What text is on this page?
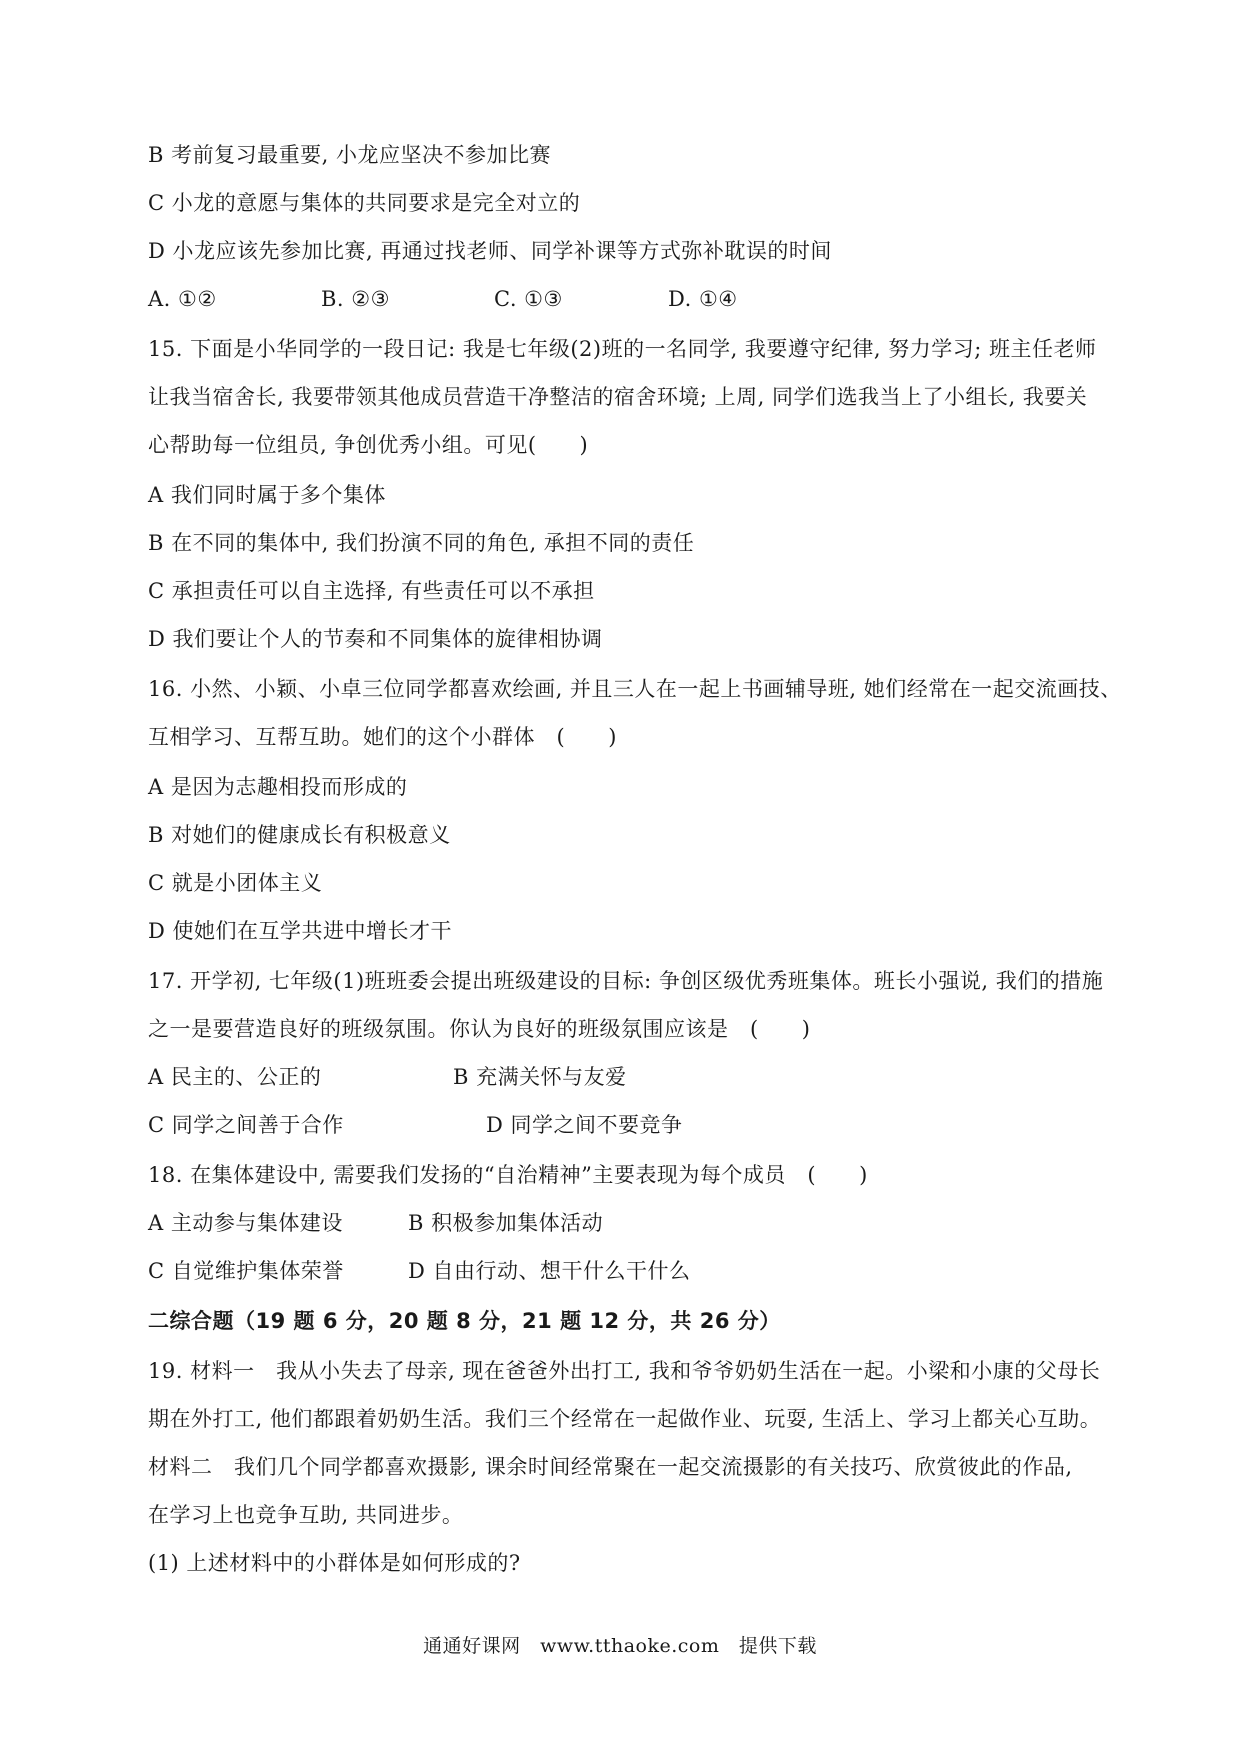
B 考前复习最重要, 小龙应坚决不参加比赛
C 小龙的意愿与集体的共同要求是完全对立的
D 小龙应该先参加比赛, 再通过找老师、同学补课等方式弥补耽误的时间
A. ①②	B. ②③	C. ①③	D. ①④
15. 下面是小华同学的一段日记: 我是七年级(2)班的一名同学, 我要遵守纪律, 努力学习; 班主任老师
让我当宿舍长, 我要带领其他成员营造干净整洁的宿舍环境; 上周, 同学们选我当上了小组长, 我要关
心帮助每一位组员, 争创优秀小组。可见(　　)
A 我们同时属于多个集体
B 在不同的集体中, 我们扮演不同的角色, 承担不同的责任
C 承担责任可以自主选择, 有些责任可以不承担
D 我们要让个人的节奏和不同集体的旋律相协调
16. 小然、小颖、小卓三位同学都喜欢绘画, 并且三人在一起上书画辅导班, 她们经常在一起交流画技、
互相学习、互帮互助。她们的这个小群体　(　　)
A 是因为志趣相投而形成的
B 对她们的健康成长有积极意义
C 就是小团体主义
D 使她们在互学共进中增长才干
17. 开学初, 七年级(1)班班委会提出班级建设的目标: 争创区级优秀班集体。班长小强说, 我们的措施
之一是要营造良好的班级氛围。你认为良好的班级氛围应该是　(　　)
A 民主的、公正的	B 充满关怀与友爱
C 同学之间善于合作	D 同学之间不要竞争
18. 在集体建设中, 需要我们发扬的“自治精神”主要表现为每个成员　(　　)
A 主动参与集体建设	B 积极参加集体活动
C 自觉维护集体荣誉	D 自由行动、想干什么干什么
二综合题（19 题 6 分，20 题 8 分，21 题 12 分，共 26 分）
19. 材料一　我从小失去了母亲, 现在爸爸外出打工, 我和爷爷奶奶生活在一起。小梁和小康的父母长
期在外打工, 他们都跟着奶奶生活。我们三个经常在一起做作业、玩耍, 生活上、学习上都关心互助。
材料二　我们几个同学都喜欢摄影, 课余时间经常聚在一起交流摄影的有关技巧、欣赏彼此的作品,
在学习上也竞争互助, 共同进步。
(1) 上述材料中的小群体是如何形成的?
通通好课网　www.tthaoke.com　提供下载
